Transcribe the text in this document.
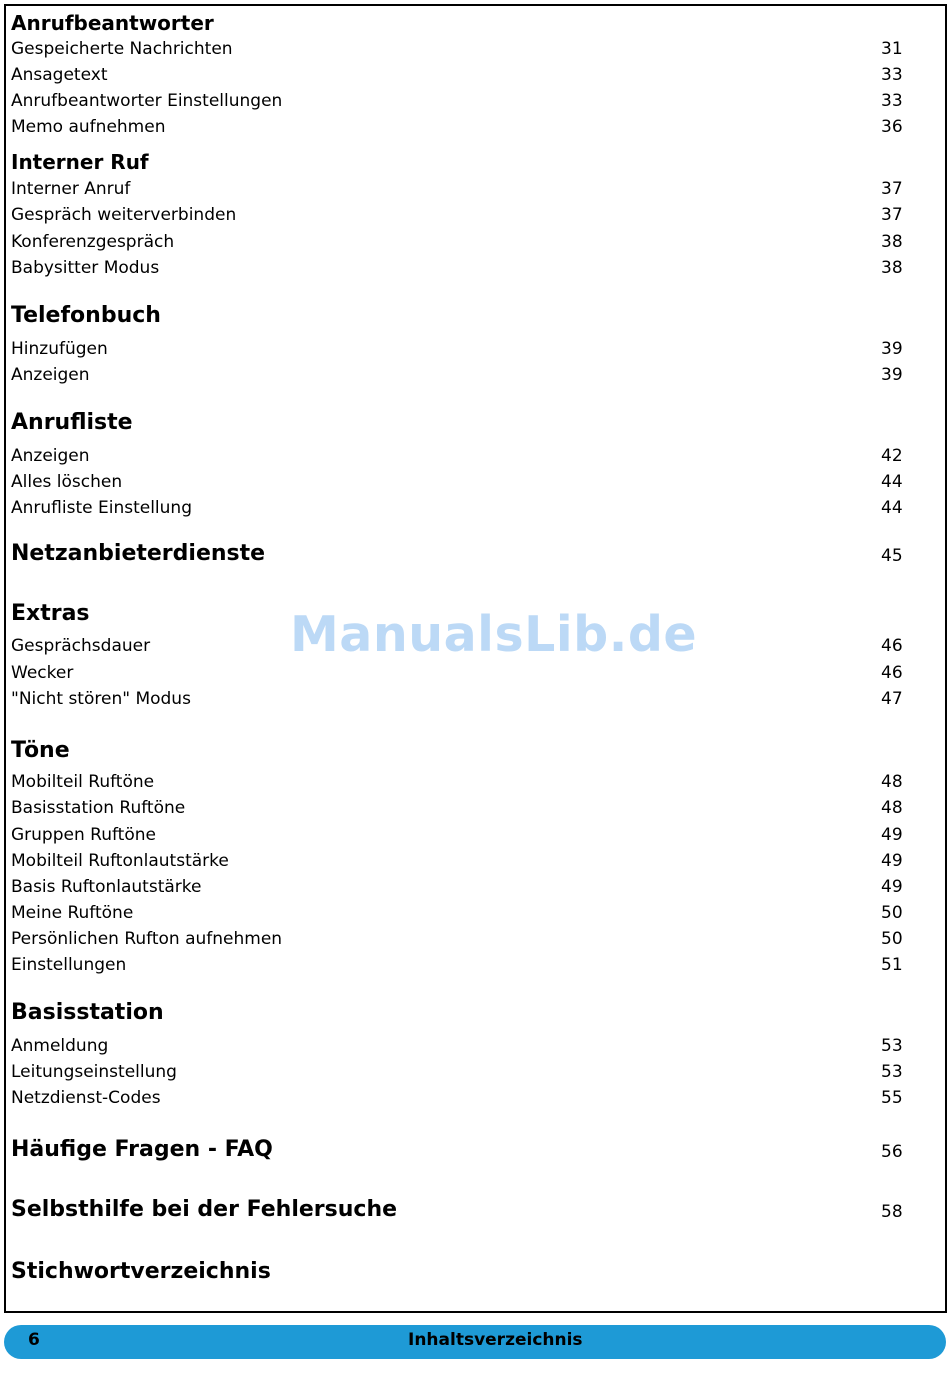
Anrufbeantworter
Gespeicherte Nachrichten	31
Ansagetext	33
Anrufbeantworter Einstellungen	33
Memo aufnehmen	36
Interner Ruf
Interner Anruf	37
Gespräch weiterverbinden	37
Konferenzgespräch	38
Babysitter Modus	38
Telefonbuch
Hinzufügen	39
Anzeigen	39
Anrufliste
Anzeigen	42
Alles löschen	44
Anrufliste Einstellung	44
Netzanbieterdienste	45
Extras
Gesprächsdauer	46
Wecker	46
"Nicht stören" Modus	47
Töne
Mobilteil Ruftöne	48
Basisstation Ruftöne	48
Gruppen Ruftöne	49
Mobilteil Ruftonlautstärke	49
Basis Ruftonlautstärke	49
Meine Ruftöne	50
Persönlichen Rufton aufnehmen	50
Einstellungen	51
Basisstation
Anmeldung	53
Leitungseinstellung	53
Netzdienst-Codes	55
Häufige Fragen - FAQ	56
Selbsthilfe bei der Fehlersuche	58
Stichwortverzeichnis
ManualsLib.de
6	Inhaltsverzeichnis
